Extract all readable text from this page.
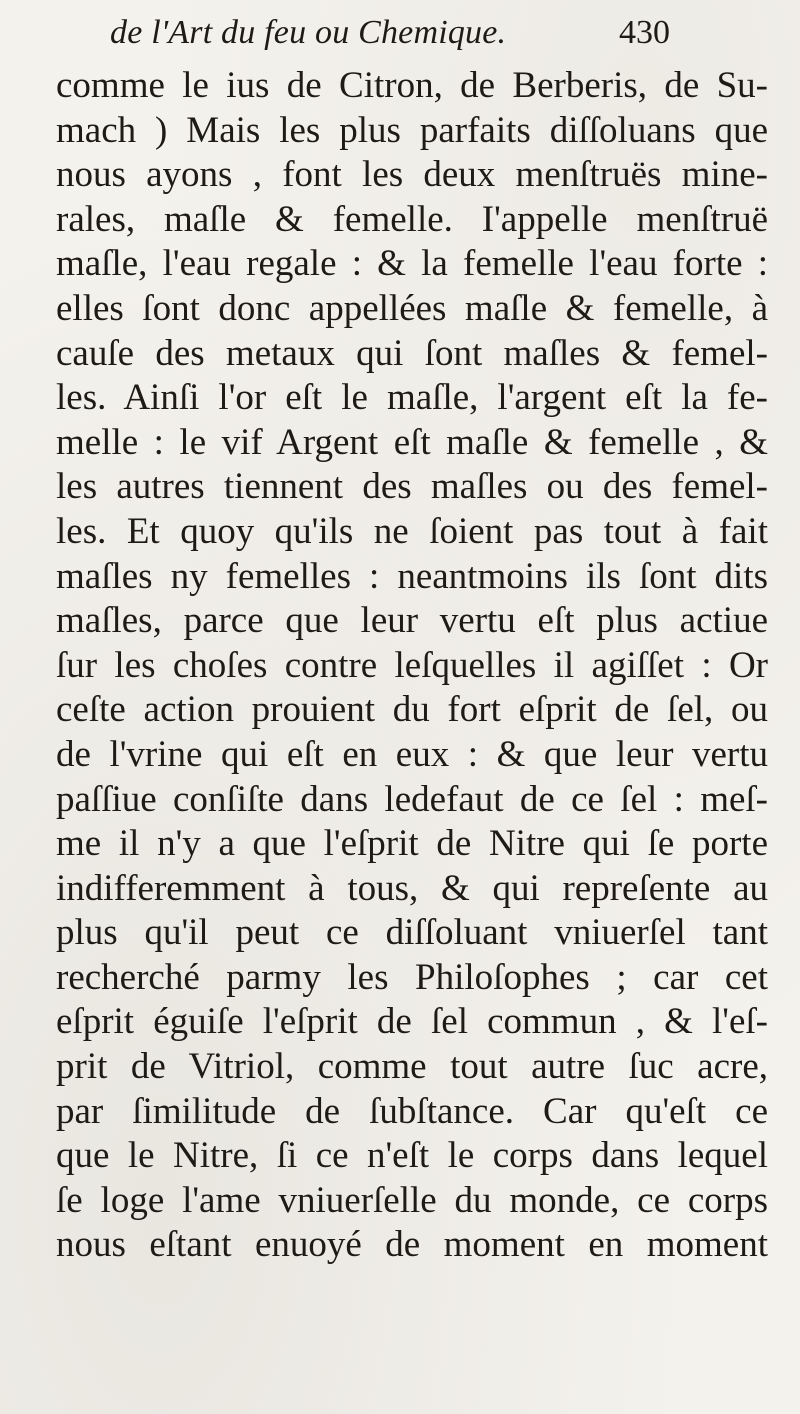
de l'Art du feu ou Chemique.	430
comme le ius de Citron, de Berberis, de Su-
mach ) Mais les plus parfaits diſſoluans que
nous ayons , font les deux menſtruës mine-
rales, maſle & femelle. I'appelle menſtruë
maſle, l'eau regale : & la femelle l'eau forte :
elles ſont donc appellées maſle & femelle, à
cauſe des metaux qui ſont maſles & femel-
les. Ainſi l'or eſt le maſle, l'argent eſt la fe-
melle : le vif Argent eſt maſle & femelle , &
les autres tiennent des maſles ou des femel-
les. Et quoy qu'ils ne ſoient pas tout à fait
maſles ny femelles : neantmoins ils ſont dits
maſles, parce que leur vertu eſt plus actiue
ſur les choſes contre leſquelles il agiſſet : Or
ceſte action prouient du fort eſprit de ſel, ou
de l'vrine qui eſt en eux : & que leur vertu
paſſiue conſiſte dans ledefaut de ce ſel : meſ-
me il n'y a que l'eſprit de Nitre qui ſe porte
indifferemment à tous, & qui repreſente au
plus qu'il peut ce diſſoluant vniuerſel tant
recherché parmy les Philoſophes ; car cet
eſprit éguiſe l'eſprit de ſel commun , & l'eſ-
prit de Vitriol, comme tout autre ſuc acre,
par ſimilitude de ſubſtance. Car qu'eſt ce
que le Nitre, ſi ce n'eſt le corps dans lequel
ſe loge l'ame vniuerſelle du monde, ce corps
nous eſtant enuoyé de moment en moment
